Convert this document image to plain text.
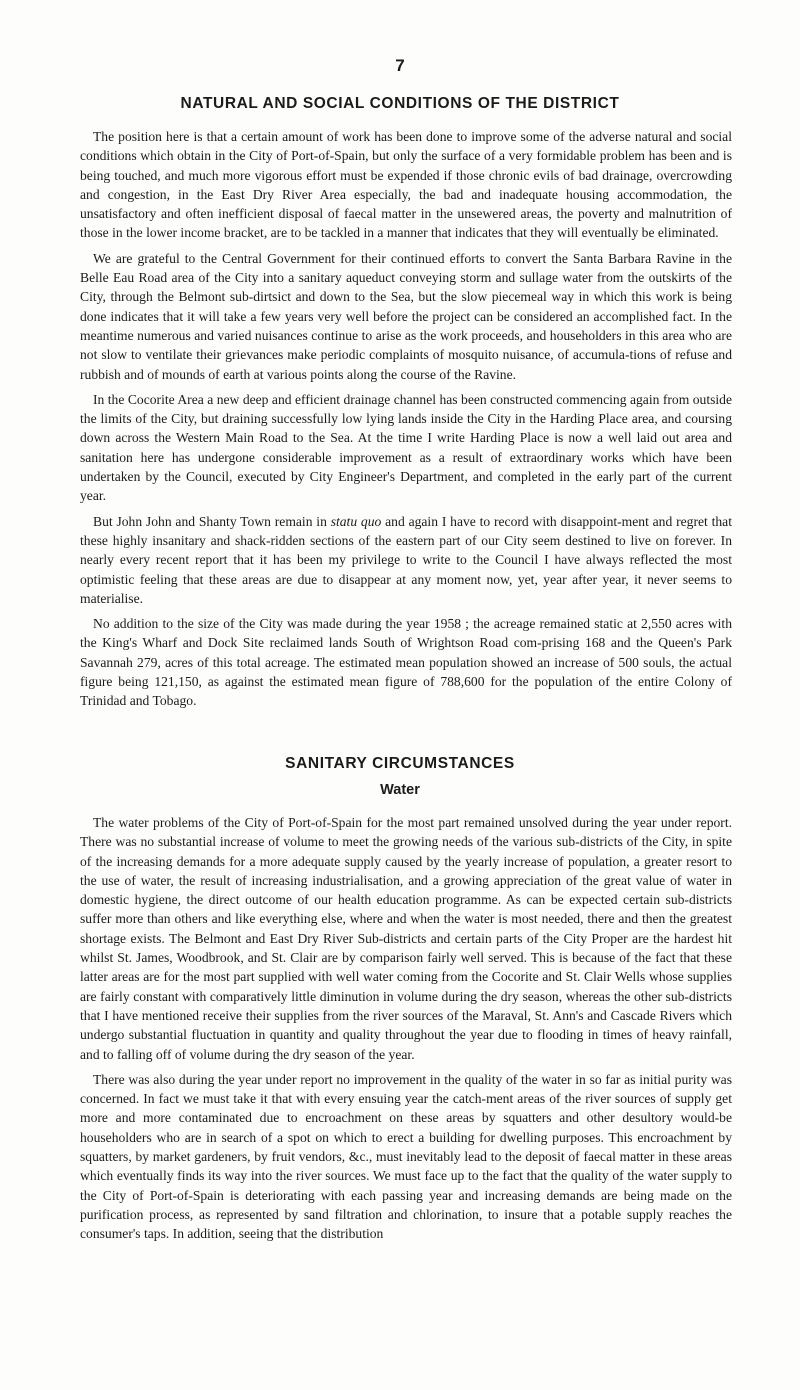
7
NATURAL AND SOCIAL CONDITIONS OF THE DISTRICT

The position here is that a certain amount of work has been done to improve some of the adverse natural and social conditions which obtain in the City of Port-of-Spain, but only the surface of a very formidable problem has been and is being touched, and much more vigorous effort must be expended if those chronic evils of bad drainage, overcrowding and congestion, in the East Dry River Area especially, the bad and inadequate housing accommodation, the unsatisfactory and often inefficient disposal of faecal matter in the unsewered areas, the poverty and malnutrition of those in the lower income bracket, are to be tackled in a manner that indicates that they will eventually be eliminated.

We are grateful to the Central Government for their continued efforts to convert the Santa Barbara Ravine in the Belle Eau Road area of the City into a sanitary aqueduct conveying storm and sullage water from the outskirts of the City, through the Belmont sub-dirtsict and down to the Sea, but the slow piecemeal way in which this work is being done indicates that it will take a few years very well before the project can be considered an accomplished fact. In the meantime numerous and varied nuisances continue to arise as the work proceeds, and householders in this area who are not slow to ventilate their grievances make periodic complaints of mosquito nuisance, of accumula-tions of refuse and rubbish and of mounds of earth at various points along the course of the Ravine.

In the Cocorite Area a new deep and efficient drainage channel has been constructed commencing again from outside the limits of the City, but draining successfully low lying lands inside the City in the Harding Place area, and coursing down across the Western Main Road to the Sea. At the time I write Harding Place is now a well laid out area and sanitation here has undergone considerable improvement as a result of extraordinary works which have been undertaken by the Council, executed by City Engineer's Department, and completed in the early part of the current year.

But John John and Shanty Town remain in statu quo and again I have to record with disappoint-ment and regret that these highly insanitary and shack-ridden sections of the eastern part of our City seem destined to live on forever. In nearly every recent report that it has been my privilege to write to the Council I have always reflected the most optimistic feeling that these areas are due to disappear at any moment now, yet, year after year, it never seems to materialise.

No addition to the size of the City was made during the year 1958 ; the acreage remained static at 2,550 acres with the King's Wharf and Dock Site reclaimed lands South of Wrightson Road com-prising 168 and the Queen's Park Savannah 279, acres of this total acreage. The estimated mean population showed an increase of 500 souls, the actual figure being 121,150, as against the estimated mean figure of 788,600 for the population of the entire Colony of Trinidad and Tobago.

SANITARY CIRCUMSTANCES
Water

The water problems of the City of Port-of-Spain for the most part remained unsolved during the year under report. There was no substantial increase of volume to meet the growing needs of the various sub-districts of the City, in spite of the increasing demands for a more adequate supply caused by the yearly increase of population, a greater resort to the use of water, the result of increasing industrialisation, and a growing appreciation of the great value of water in domestic hygiene, the direct outcome of our health education programme. As can be expected certain sub-districts suffer more than others and like everything else, where and when the water is most needed, there and then the greatest shortage exists. The Belmont and East Dry River Sub-districts and certain parts of the City Proper are the hardest hit whilst St. James, Woodbrook, and St. Clair are by comparison fairly well served. This is because of the fact that these latter areas are for the most part supplied with well water coming from the Cocorite and St. Clair Wells whose supplies are fairly constant with comparatively little diminution in volume during the dry season, whereas the other sub-districts that I have mentioned receive their supplies from the river sources of the Maraval, St. Ann's and Cascade Rivers which undergo substantial fluctuation in quantity and quality throughout the year due to flooding in times of heavy rainfall, and to falling off of volume during the dry season of the year.

There was also during the year under report no improvement in the quality of the water in so far as initial purity was concerned. In fact we must take it that with every ensuing year the catch-ment areas of the river sources of supply get more and more contaminated due to encroachment on these areas by squatters and other desultory would-be householders who are in search of a spot on which to erect a building for dwelling purposes. This encroachment by squatters, by market gardeners, by fruit vendors, &c., must inevitably lead to the deposit of faecal matter in these areas which eventually finds its way into the river sources. We must face up to the fact that the quality of the water supply to the City of Port-of-Spain is deteriorating with each passing year and increasing demands are being made on the purification process, as represented by sand filtration and chlorination, to insure that a potable supply reaches the consumer's taps. In addition, seeing that the distribution
